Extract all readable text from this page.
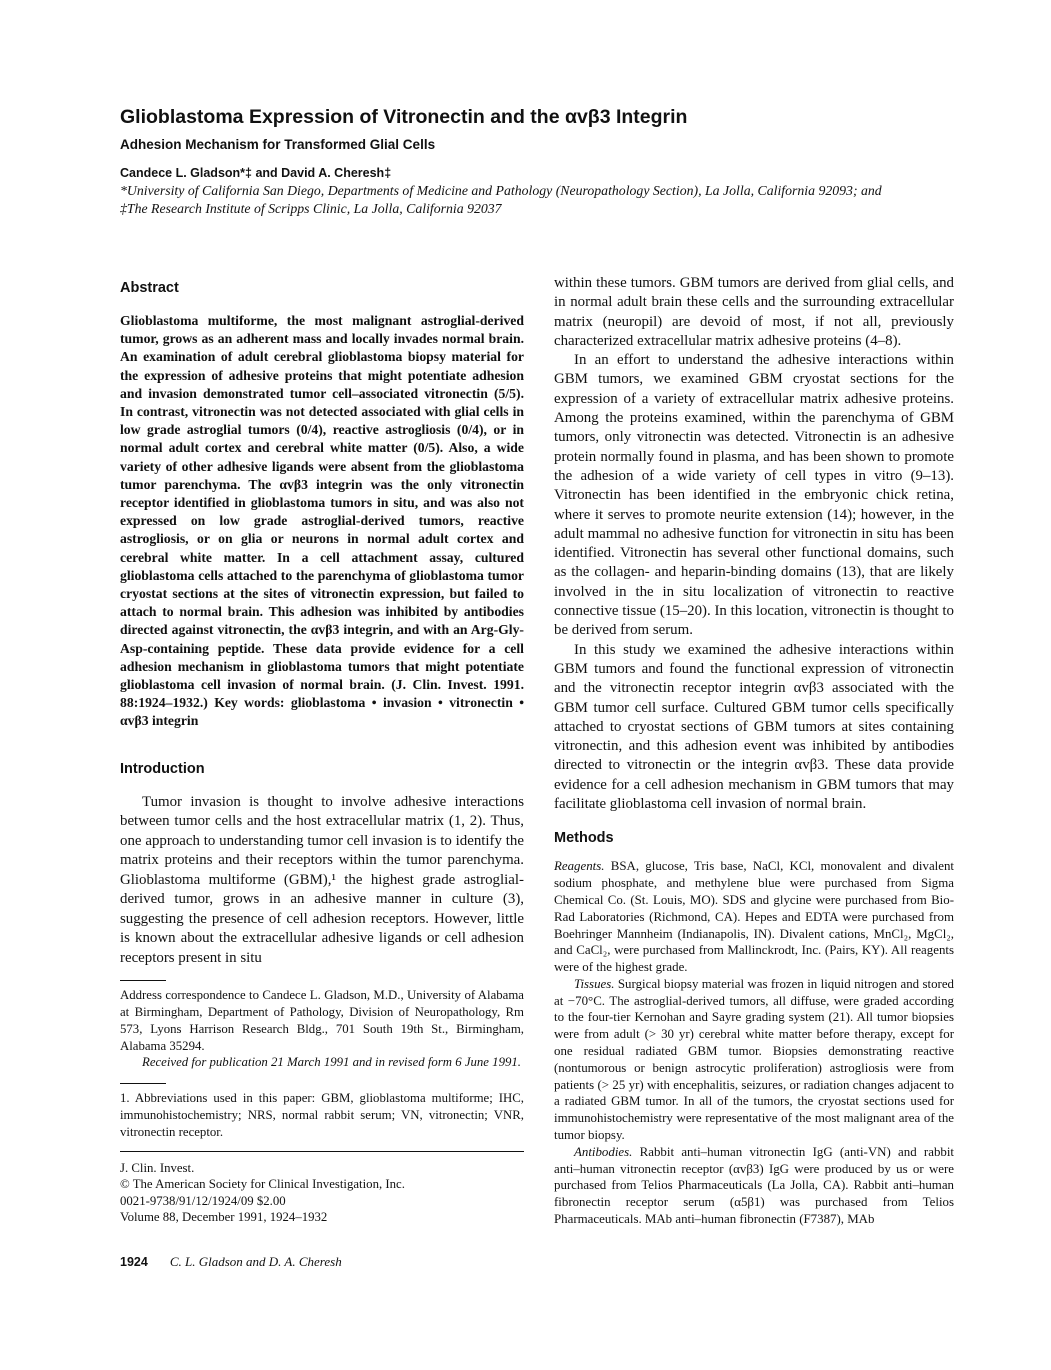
Glioblastoma Expression of Vitronectin and the αvβ3 Integrin
Adhesion Mechanism for Transformed Glial Cells
Candece L. Gladson*‡ and David A. Cheresh‡
*University of California San Diego, Departments of Medicine and Pathology (Neuropathology Section), La Jolla, California 92093; and
‡The Research Institute of Scripps Clinic, La Jolla, California 92037
Abstract

Glioblastoma multiforme, the most malignant astroglial-derived tumor, grows as an adherent mass and locally invades normal brain. An examination of adult cerebral glioblastoma biopsy material for the expression of adhesive proteins that might potentiate adhesion and invasion demonstrated tumor cell–associated vitronectin (5/5). In contrast, vitronectin was not detected associated with glial cells in low grade astroglial tumors (0/4), reactive astrogliosis (0/4), or in normal adult cortex and cerebral white matter (0/5). Also, a wide variety of other adhesive ligands were absent from the glioblastoma tumor parenchyma. The αvβ3 integrin was the only vitronectin receptor identified in glioblastoma tumors in situ, and was also not expressed on low grade astroglial-derived tumors, reactive astrogliosis, or on glia or neurons in normal adult cortex and cerebral white matter. In a cell attachment assay, cultured glioblastoma cells attached to the parenchyma of glioblastoma tumor cryostat sections at the sites of vitronectin expression, but failed to attach to normal brain. This adhesion was inhibited by antibodies directed against vitronectin, the αvβ3 integrin, and with an Arg-Gly-Asp-containing peptide. These data provide evidence for a cell adhesion mechanism in glioblastoma tumors that might potentiate glioblastoma cell invasion of normal brain. (J. Clin. Invest. 1991. 88:1924–1932.) Key words: glioblastoma • invasion • vitronectin • αvβ3 integrin

Introduction

Tumor invasion is thought to involve adhesive interactions between tumor cells and the host extracellular matrix (1, 2). Thus, one approach to understanding tumor cell invasion is to identify the matrix proteins and their receptors within the tumor parenchyma. Glioblastoma multiforme (GBM),¹ the highest grade astroglial-derived tumor, grows in an adhesive manner in culture (3), suggesting the presence of cell adhesion receptors. However, little is known about the extracellular adhesive ligands or cell adhesion receptors present in situ

Address correspondence to Candece L. Gladson, M.D., University of Alabama at Birmingham, Department of Pathology, Division of Neuropathology, Rm 573, Lyons Harrison Research Bldg., 701 South 19th St., Birmingham, Alabama 35294.

Received for publication 21 March 1991 and in revised form 6 June 1991.

1. Abbreviations used in this paper: GBM, glioblastoma multiforme; IHC, immunohistochemistry; NRS, normal rabbit serum; VN, vitronectin; VNR, vitronectin receptor.

J. Clin. Invest.

© The American Society for Clinical Investigation, Inc.

0021-9738/91/12/1924/09 $2.00

Volume 88, December 1991, 1924–1932

within these tumors. GBM tumors are derived from glial cells, and in normal adult brain these cells and the surrounding extracellular matrix (neuropil) are devoid of most, if not all, previously characterized extracellular matrix adhesive proteins (4–8).

In an effort to understand the adhesive interactions within GBM tumors, we examined GBM cryostat sections for the expression of a variety of extracellular matrix adhesive proteins. Among the proteins examined, within the parenchyma of GBM tumors, only vitronectin was detected. Vitronectin is an adhesive protein normally found in plasma, and has been shown to promote the adhesion of a wide variety of cell types in vitro (9–13). Vitronectin has been identified in the embryonic chick retina, where it serves to promote neurite extension (14); however, in the adult mammal no adhesive function for vitronectin in situ has been identified. Vitronectin has several other functional domains, such as the collagen- and heparin-binding domains (13), that are likely involved in the in situ localization of vitronectin to reactive connective tissue (15–20). In this location, vitronectin is thought to be derived from serum.

In this study we examined the adhesive interactions within GBM tumors and found the functional expression of vitronectin and the vitronectin receptor integrin αvβ3 associated with the GBM tumor cell surface. Cultured GBM tumor cells specifically attached to cryostat sections of GBM tumors at sites containing vitronectin, and this adhesion event was inhibited by antibodies directed to vitronectin or the integrin αvβ3. These data provide evidence for a cell adhesion mechanism in GBM tumors that may facilitate glioblastoma cell invasion of normal brain.

Methods

Reagents. BSA, glucose, Tris base, NaCl, KCl, monovalent and divalent sodium phosphate, and methylene blue were purchased from Sigma Chemical Co. (St. Louis, MO). SDS and glycine were purchased from Bio-Rad Laboratories (Richmond, CA). Hepes and EDTA were purchased from Boehringer Mannheim (Indianapolis, IN). Divalent cations, MnCl₂, MgCl₂, and CaCl₂, were purchased from Mallinckrodt, Inc. (Pairs, KY). All reagents were of the highest grade.

Tissues. Surgical biopsy material was frozen in liquid nitrogen and stored at −70°C. The astroglial-derived tumors, all diffuse, were graded according to the four-tier Kernohan and Sayre grading system (21). All tumor biopsies were from adult (> 30 yr) cerebral white matter before therapy, except for one residual radiated GBM tumor. Biopsies demonstrating reactive (nontumorous or benign astrocytic proliferation) astrogliosis were from patients (> 25 yr) with encephalitis, seizures, or radiation changes adjacent to a radiated GBM tumor. In all of the tumors, the cryostat sections used for immunohistochemistry were representative of the most malignant area of the tumor biopsy.

Antibodies. Rabbit anti–human vitronectin IgG (anti-VN) and rabbit anti–human vitronectin receptor (αvβ3) IgG were produced by us or were purchased from Telios Pharmaceuticals (La Jolla, CA). Rabbit anti–human fibronectin receptor serum (α5β1) was purchased from Telios Pharmaceuticals. MAb anti–human fibronectin (F7387), MAb

1924 C. L. Gladson and D. A. Cheresh
